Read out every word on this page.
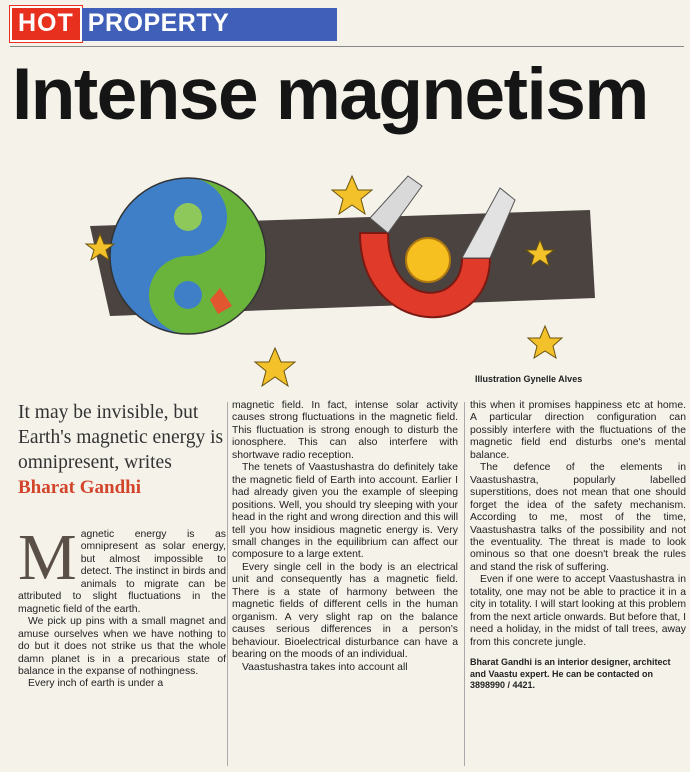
HOT PROPERTY
Intense magnetism
Illustration Gynelle Alves
It may be invisible, but Earth's magnetic energy is omnipresent, writes
Bharat Gandhi
M agnetic energy is as omnipresent as solar energy, but almost impossible to detect. The instinct in birds and animals to migrate can be attributed to slight fluctuations in the magnetic field of the earth.

We pick up pins with a small magnet and amuse ourselves when we have nothing to do but it does not strike us that the whole damn planet is in a precarious state of balance in the expanse of nothingness.

Every inch of earth is under a

magnetic field. In fact, intense solar activity causes strong fluctuations in the magnetic field. This fluctuation is strong enough to disturb the ionosphere. This can also interfere with shortwave radio reception.

The tenets of Vaastushastra do definitely take the magnetic field of Earth into account. Earlier I had already given you the example of sleeping positions. Well, you should try sleeping with your head in the right and wrong direction and this will tell you how insidious magnetic energy is. Very small changes in the equilibrium can affect our composure to a large extent.

Every single cell in the body is an electrical unit and consequently has a magnetic field. There is a state of harmony between the magnetic fields of different cells in the human organism. A very slight rap on the balance causes serious differences in a person's behaviour. Bioelectrical disturbance can have a bearing on the moods of an individual.

Vaastushastra takes into account all

this when it promises happiness etc at home. A particular direction configuration can possibly interfere with the fluctuations of the magnetic field end disturbs one's mental balance.

The defence of the elements in Vaastushastra, popularly labelled superstitions, does not mean that one should forget the idea of the safety mechanism. According to me, most of the time, Vaastushastra talks of the possibility and not the eventuality. The threat is made to look ominous so that one doesn't break the rules and stand the risk of suffering.

Even if one were to accept Vaastushastra in totality, one may not be able to practice it in a city in totality. I will start looking at this problem from the next article onwards. But before that, I need a holiday, in the midst of tall trees, away from this concrete jungle.

Bharat Gandhi is an interior designer, architect and Vaastu expert. He can be contacted on 3898990 / 4421.
